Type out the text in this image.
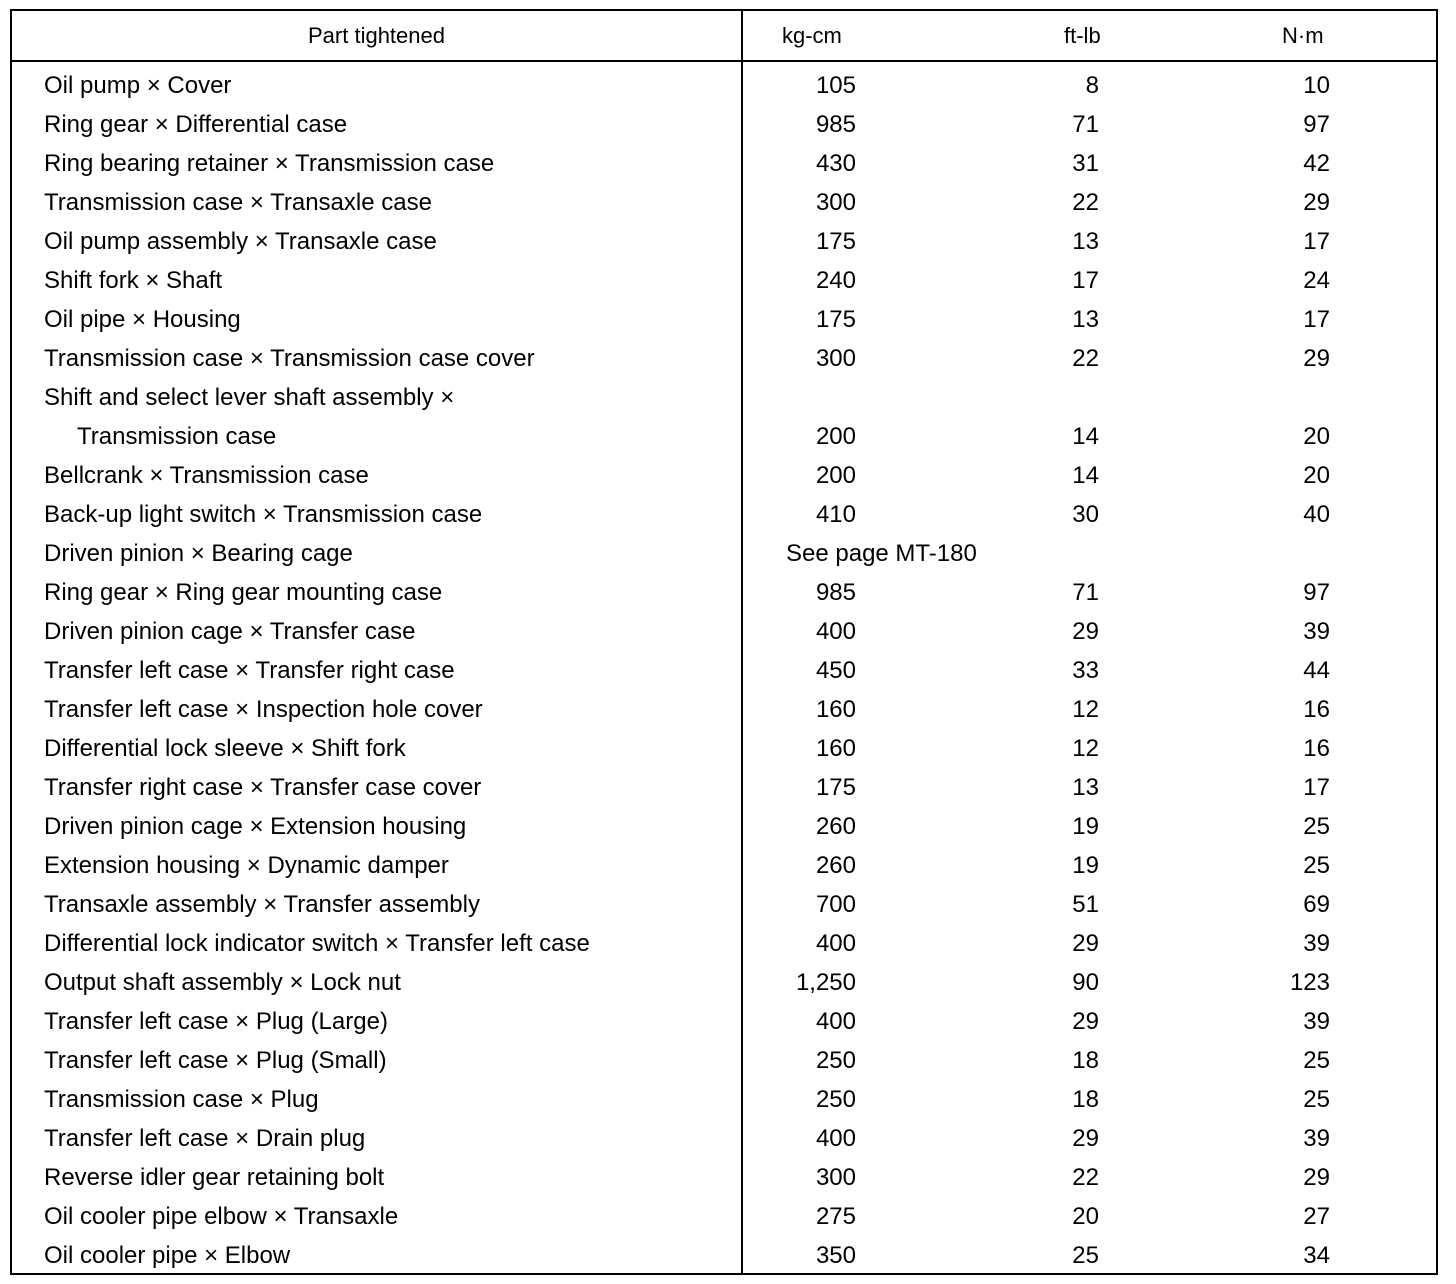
Part tightened	kg-cm	ft-lb	N·m
Oil pump × Cover	105	8	10
Ring gear × Differential case	985	71	97
Ring bearing retainer × Transmission case	430	31	42
Transmission case × Transaxle case	300	22	29
Oil pump assembly × Transaxle case	175	13	17
Shift fork × Shaft	240	17	24
Oil pipe × Housing	175	13	17
Transmission case × Transmission case cover	300	22	29
Shift and select lever shaft assembly ×
Transmission case	200	14	20
Bellcrank × Transmission case	200	14	20
Back-up light switch × Transmission case	410	30	40
Driven pinion × Bearing cage	See page MT-180
Ring gear × Ring gear mounting case	985	71	97
Driven pinion cage × Transfer case	400	29	39
Transfer left case × Transfer right case	450	33	44
Transfer left case × Inspection hole cover	160	12	16
Differential lock sleeve × Shift fork	160	12	16
Transfer right case × Transfer case cover	175	13	17
Driven pinion cage × Extension housing	260	19	25
Extension housing × Dynamic damper	260	19	25
Transaxle assembly × Transfer assembly	700	51	69
Differential lock indicator switch × Transfer left case	400	29	39
Output shaft assembly × Lock nut	1,250	90	123
Transfer left case × Plug (Large)	400	29	39
Transfer left case × Plug (Small)	250	18	25
Transmission case × Plug	250	18	25
Transfer left case × Drain plug	400	29	39
Reverse idler gear retaining bolt	300	22	29
Oil cooler pipe elbow × Transaxle	275	20	27
Oil cooler pipe × Elbow	350	25	34
